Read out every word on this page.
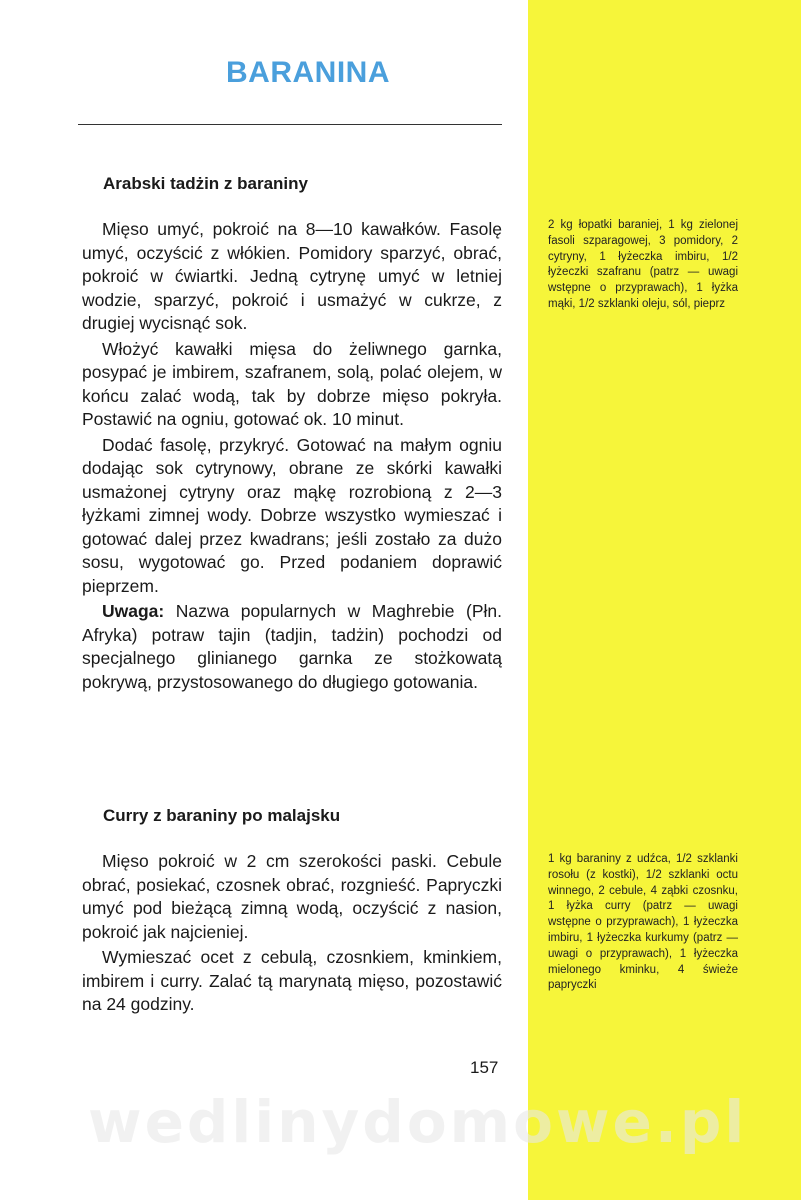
BARANINA
Arabski tadżin z baraniny

Mięso umyć, pokroić na 8—10 kawałków. Fasolę umyć, oczyścić z włókien. Pomidory sparzyć, obrać, pokroić w ćwiartki. Jedną cytrynę umyć w letniej wodzie, sparzyć, pokroić i usmażyć w cukrze, z drugiej wycisnąć sok.

Włożyć kawałki mięsa do żeliwnego garnka, posypać je imbirem, szafranem, solą, polać olejem, w końcu zalać wodą, tak by dobrze mięso pokryła. Postawić na ogniu, gotować ok. 10 minut.

Dodać fasolę, przykryć. Gotować na małym ogniu dodając sok cytrynowy, obrane ze skórki kawałki usmażonej cytryny oraz mąkę rozrobioną z 2—3 łyżkami zimnej wody. Dobrze wszystko wymieszać i gotować dalej przez kwadrans; jeśli zostało za dużo sosu, wygotować go. Przed podaniem doprawić pieprzem.

Uwaga: Nazwa popularnych w Maghrebie (Płn. Afryka) potraw tajin (tadjin, tadżin) pochodzi od specjalnego glinianego garnka ze stożkowatą pokrywą, przystosowanego do długiego gotowania.

2 kg łopatki baraniej, 1 kg zielonej fasoli szparagowej, 3 pomidory, 2 cytryny, 1 łyżeczka imbiru, 1/2 łyżeczki szafranu (patrz — uwagi wstępne o przyprawach), 1 łyżka mąki, 1/2 szklanki oleju, sól, pieprz
Curry z baraniny po malajsku

Mięso pokroić w 2 cm szerokości paski. Cebule obrać, posiekać, czosnek obrać, rozgnieść. Papryczki umyć pod bieżącą zimną wodą, oczyścić z nasion, pokroić jak najcieniej.

Wymieszać ocet z cebulą, czosnkiem, kminkiem, imbirem i curry. Zalać tą marynatą mięso, pozostawić na 24 godziny.

1 kg baraniny z udźca, 1/2 szklanki rosołu (z kostki), 1/2 szklanki octu winnego, 2 cebule, 4 ząbki czosnku, 1 łyżka curry (patrz — uwagi wstępne o przyprawach), 1 łyżeczka imbiru, 1 łyżeczka kurkumy (patrz — uwagi o przyprawach), 1 łyżeczka mielonego kminku, 4 świeże papryczki
157
wedlinydomowe.pl
